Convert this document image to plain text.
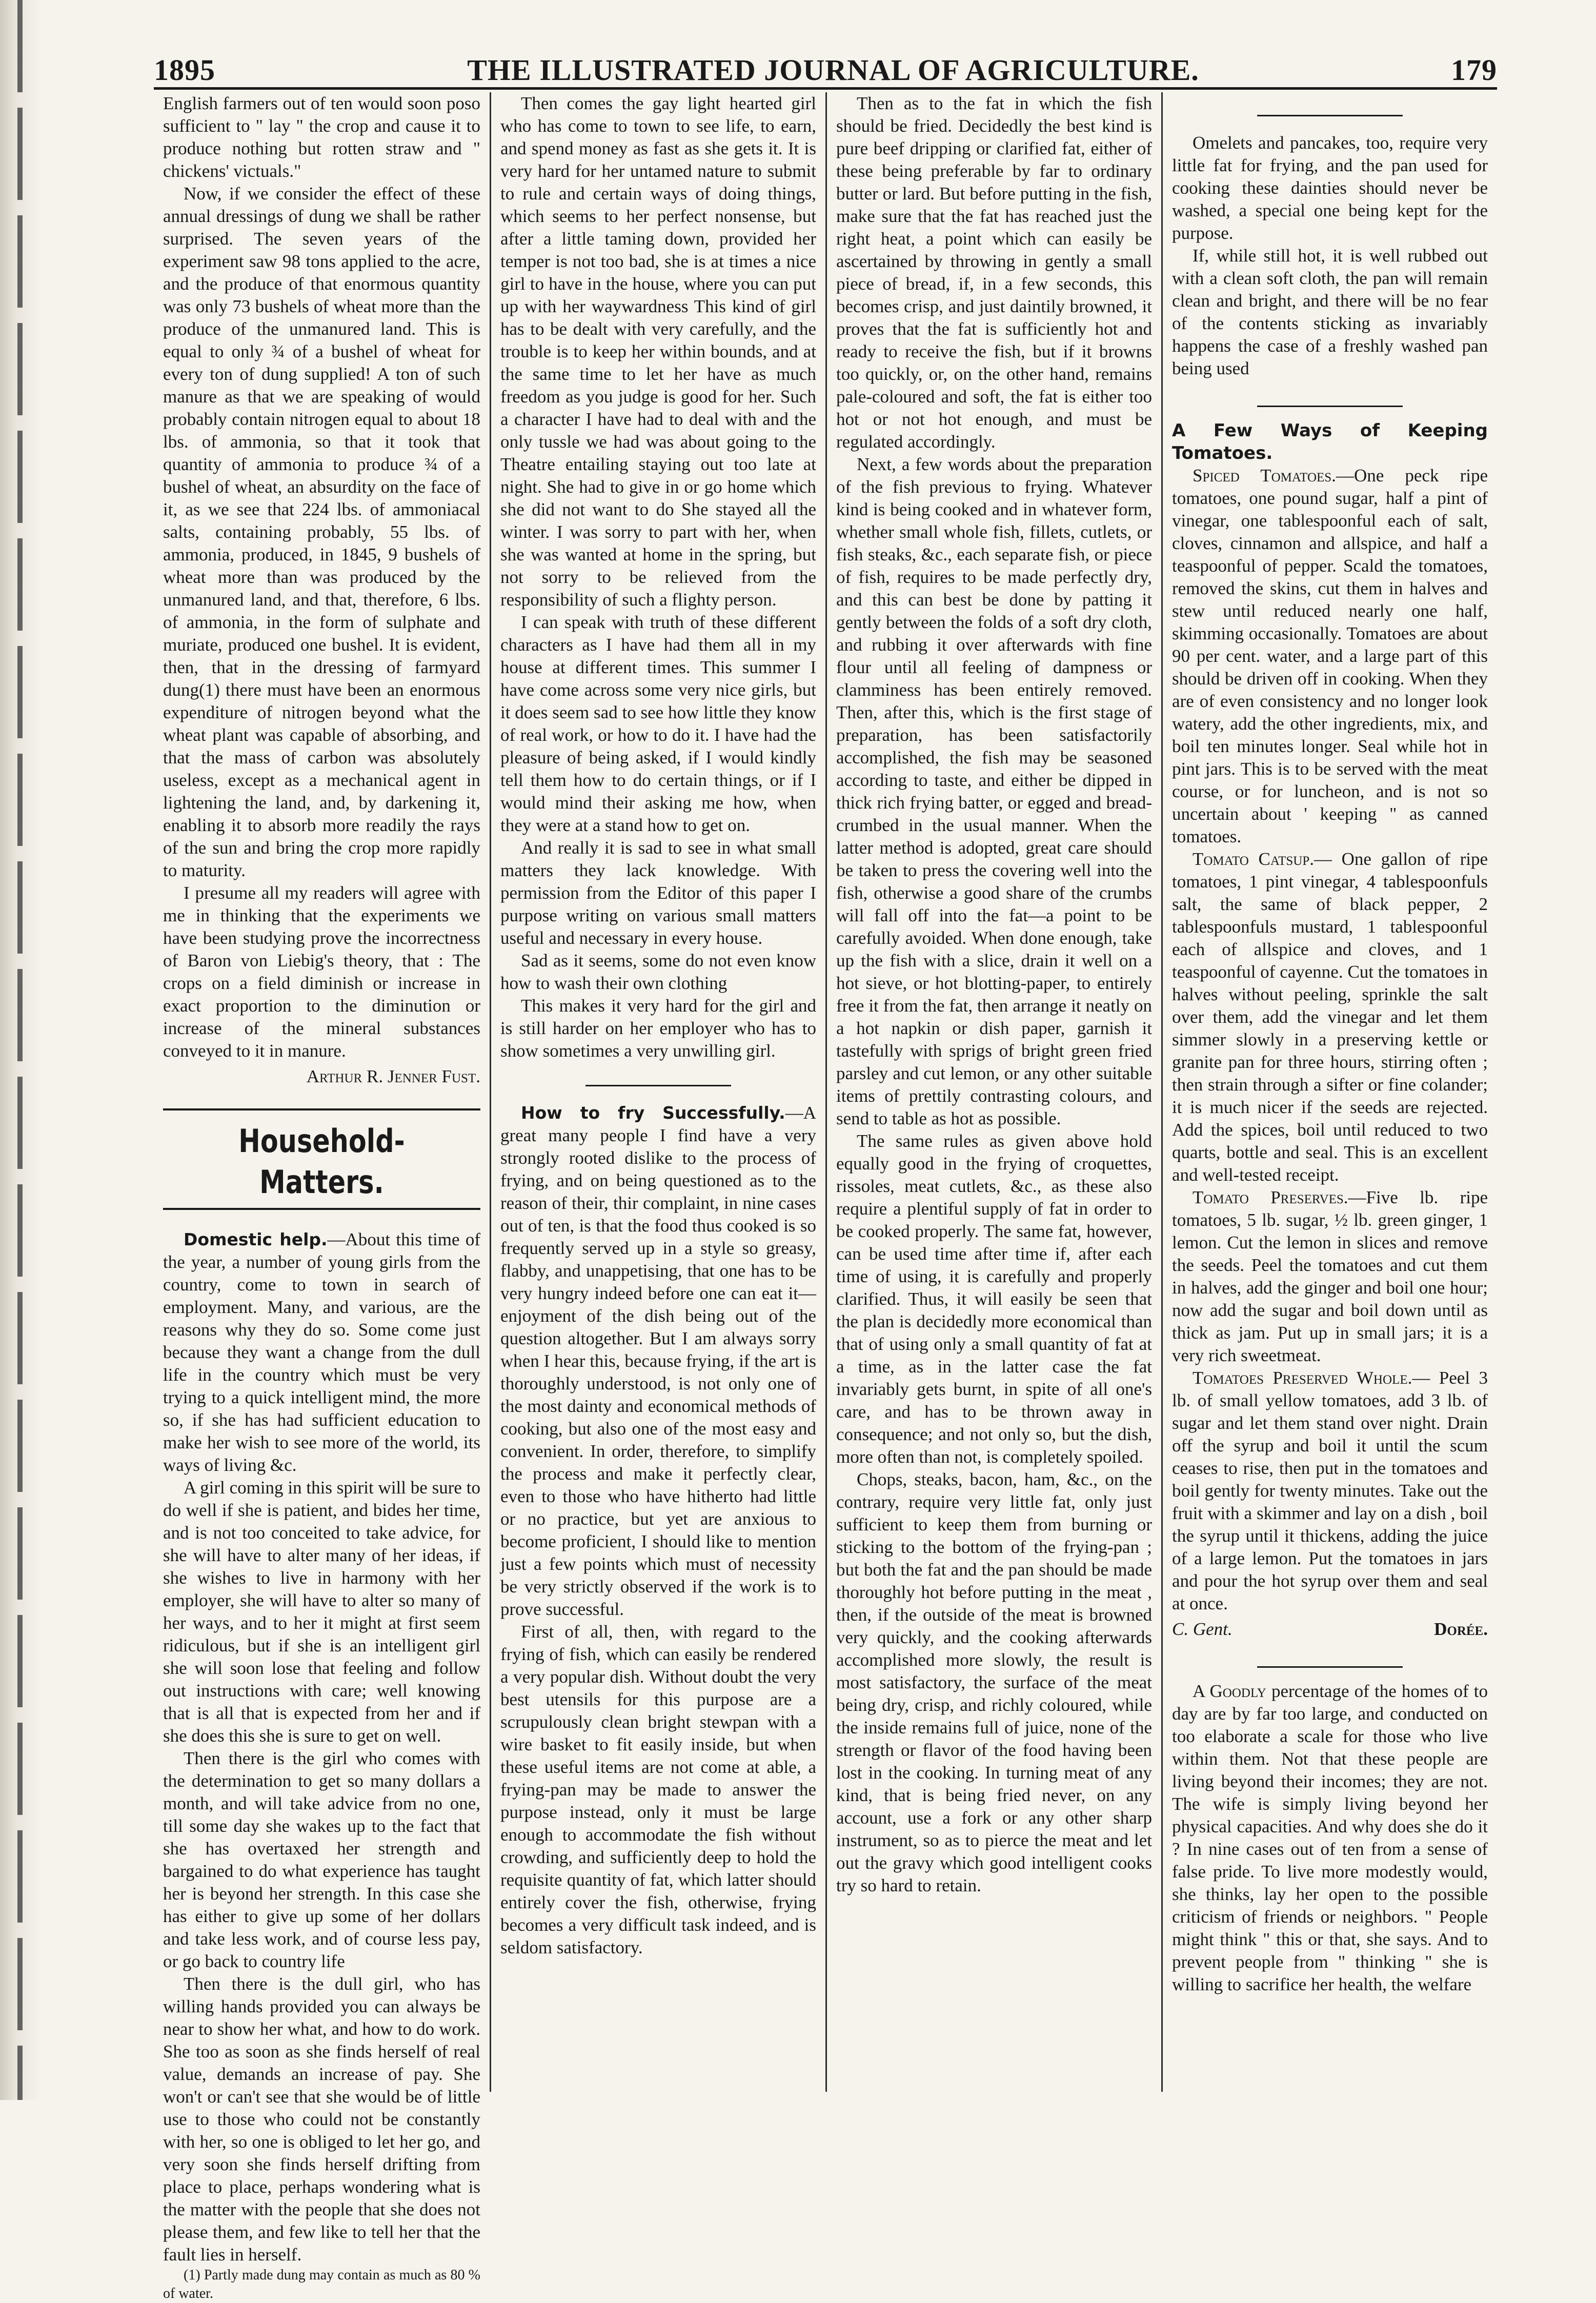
1895	THE ILLUSTRATED JOURNAL OF AGRICULTURE.	179

English farmers out of ten would soon poso sufficient to " lay " the crop and cause it to produce nothing but rotten straw and " chickens' victuals."

Now, if we consider the effect of these annual dressings of dung we shall be rather surprised. The seven years of the experiment saw 98 tons applied to the acre, and the produce of that enormous quantity was only 73 bushels of wheat more than the produce of the unmanured land. This is equal to only ¾ of a bushel of wheat for every ton of dung supplied! A ton of such manure as that we are speaking of would probably contain nitrogen equal to about 18 lbs. of ammonia, so that it took that quantity of ammonia to produce ¾ of a bushel of wheat, an absurdity on the face of it, as we see that 224 lbs. of ammoniacal salts, containing probably, 55 lbs. of ammonia, produced, in 1845, 9 bushels of wheat more than was produced by the unmanured land, and that, therefore, 6 lbs. of ammonia, in the form of sulphate and muriate, produced one bushel. It is evident, then, that in the dressing of farmyard dung(1) there must have been an enormous expenditure of nitrogen beyond what the wheat plant was capable of absorbing, and that the mass of carbon was absolutely useless, except as a mechanical agent in lightening the land, and, by darkening it, enabling it to absorb more readily the rays of the sun and bring the crop more rapidly to maturity.

I presume all my readers will agree with me in thinking that the experiments we have been studying prove the incorrectness of Baron von Liebig's theory, that : The crops on a field diminish or increase in exact proportion to the diminution or increase of the mineral substances conveyed to it in manure.

Arthur R. Jenner Fust.
Household-Matters.

Domestic help.—About this time of the year, a number of young girls from the country, come to town in search of employment. Many, and various, are the reasons why they do so. Some come just because they want a change from the dull life in the country which must be very trying to a quick intelligent mind, the more so, if she has had sufficient education to make her wish to see more of the world, its ways of living &c.

A girl coming in this spirit will be sure to do well if she is patient, and bides her time, and is not too conceited to take advice, for she will have to alter many of her ideas, if she wishes to live in harmony with her employer, she will have to alter so many of her ways, and to her it might at first seem ridiculous, but if she is an intelligent girl she will soon lose that feeling and follow out instructions with care; well knowing that is all that is expected from her and if she does this she is sure to get on well.

Then there is the girl who comes with the determination to get so many dollars a month, and will take advice from no one, till some day she wakes up to the fact that she has overtaxed her strength and bargained to do what experience has taught her is beyond her strength. In this case she has either to give up some of her dollars and take less work, and of course less pay, or go back to country life

Then there is the dull girl, who has willing hands provided you can always be near to show her what, and how to do work. She too as soon as she finds herself of real value, demands an increase of pay. She won't or can't see that she would be of little use to those who could not be constantly with her, so one is obliged to let her go, and very soon she finds herself drifting from place to place, perhaps wondering what is the matter with the people that she does not please them, and few like to tell her that the fault lies in herself.

(1) Partly made dung may contain as much as 80 % of water.

Then comes the gay light hearted girl who has come to town to see life, to earn, and spend money as fast as she gets it. It is very hard for her untamed nature to submit to rule and certain ways of doing things, which seems to her perfect nonsense, but after a little taming down, provided her temper is not too bad, she is at times a nice girl to have in the house, where you can put up with her waywardness This kind of girl has to be dealt with very carefully, and the trouble is to keep her within bounds, and at the same time to let her have as much freedom as you judge is good for her. Such a character I have had to deal with and the only tussle we had was about going to the Theatre entailing staying out too late at night. She had to give in or go home which she did not want to do She stayed all the winter. I was sorry to part with her, when she was wanted at home in the spring, but not sorry to be relieved from the responsibility of such a flighty person.

I can speak with truth of these different characters as I have had them all in my house at different times. This summer I have come across some very nice girls, but it does seem sad to see how little they know of real work, or how to do it. I have had the pleasure of being asked, if I would kindly tell them how to do certain things, or if I would mind their asking me how, when they were at a stand how to get on.

And really it is sad to see in what small matters they lack knowledge. With permission from the Editor of this paper I purpose writing on various small matters useful and necessary in every house.

Sad as it seems, some do not even know how to wash their own clothing

This makes it very hard for the girl and is still harder on her employer who has to show sometimes a very unwilling girl.

How to fry Successfully.—A great many people I find have a very strongly rooted dislike to the process of frying, and on being questioned as to the reason of their, thir complaint, in nine cases out of ten, is that the food thus cooked is so frequently served up in a style so greasy, flabby, and unappetising, that one has to be very hungry indeed before one can eat it—enjoyment of the dish being out of the question altogether. But I am always sorry when I hear this, because frying, if the art is thoroughly understood, is not only one of the most dainty and economical methods of cooking, but also one of the most easy and convenient. In order, therefore, to simplify the process and make it perfectly clear, even to those who have hitherto had little or no practice, but yet are anxious to become proficient, I should like to mention just a few points which must of necessity be very strictly observed if the work is to prove successful.

First of all, then, with regard to the frying of fish, which can easily be rendered a very popular dish. Without doubt the very best utensils for this purpose are a scrupulously clean bright stewpan with a wire basket to fit easily inside, but when these useful items are not come at able, a frying-pan may be made to answer the purpose instead, only it must be large enough to accommodate the fish without crowding, and sufficiently deep to hold the requisite quantity of fat, which latter should entirely cover the fish, otherwise, frying becomes a very difficult task indeed, and is seldom satisfactory.

Then as to the fat in which the fish should be fried. Decidedly the best kind is pure beef dripping or clarified fat, either of these being preferable by far to ordinary butter or lard. But before putting in the fish, make sure that the fat has reached just the right heat, a point which can easily be ascertained by throwing in gently a small piece of bread, if, in a few seconds, this becomes crisp, and just daintily browned, it proves that the fat is sufficiently hot and ready to receive the fish, but if it browns too quickly, or, on the other hand, remains pale-coloured and soft, the fat is either too hot or not hot enough, and must be regulated accordingly.

Next, a few words about the preparation of the fish previous to frying. Whatever kind is being cooked and in whatever form, whether small whole fish, fillets, cutlets, or fish steaks, &c., each separate fish, or piece of fish, requires to be made perfectly dry, and this can best be done by patting it gently between the folds of a soft dry cloth, and rubbing it over afterwards with fine flour until all feeling of dampness or clamminess has been entirely removed. Then, after this, which is the first stage of preparation, has been satisfactorily accomplished, the fish may be seasoned according to taste, and either be dipped in thick rich frying batter, or egged and bread-crumbed in the usual manner. When the latter method is adopted, great care should be taken to press the covering well into the fish, otherwise a good share of the crumbs will fall off into the fat—a point to be carefully avoided. When done enough, take up the fish with a slice, drain it well on a hot sieve, or hot blotting-paper, to entirely free it from the fat, then arrange it neatly on a hot napkin or dish paper, garnish it tastefully with sprigs of bright green fried parsley and cut lemon, or any other suitable items of prettily contrasting colours, and send to table as hot as possible.

The same rules as given above hold equally good in the frying of croquettes, rissoles, meat cutlets, &c., as these also require a plentiful supply of fat in order to be cooked properly. The same fat, however, can be used time after time if, after each time of using, it is carefully and properly clarified. Thus, it will easily be seen that the plan is decidedly more economical than that of using only a small quantity of fat at a time, as in the latter case the fat invariably gets burnt, in spite of all one's care, and has to be thrown away in consequence; and not only so, but the dish, more often than not, is completely spoiled.

Chops, steaks, bacon, ham, &c., on the contrary, require very little fat, only just sufficient to keep them from burning or sticking to the bottom of the frying-pan ; but both the fat and the pan should be made thoroughly hot before putting in the meat , then, if the outside of the meat is browned very quickly, and the cooking afterwards accomplished more slowly, the result is most satisfactory, the surface of the meat being dry, crisp, and richly coloured, while the inside remains full of juice, none of the strength or flavor of the food having been lost in the cooking. In turning meat of any kind, that is being fried never, on any account, use a fork or any other sharp instrument, so as to pierce the meat and let out the gravy which good intelligent cooks try so hard to retain.

Omelets and pancakes, too, require very little fat for frying, and the pan used for cooking these dainties should never be washed, a special one being kept for the purpose.

If, while still hot, it is well rubbed out with a clean soft cloth, the pan will remain clean and bright, and there will be no fear of the contents sticking as invariably happens the case of a freshly washed pan being used

A Few Ways of Keeping Tomatoes.

Spiced Tomatoes.—One peck ripe tomatoes, one pound sugar, half a pint of vinegar, one tablespoonful each of salt, cloves, cinnamon and allspice, and half a teaspoonful of pepper. Scald the tomatoes, removed the skins, cut them in halves and stew until reduced nearly one half, skimming occasionally. Tomatoes are about 90 per cent. water, and a large part of this should be driven off in cooking. When they are of even consistency and no longer look watery, add the other ingredients, mix, and boil ten minutes longer. Seal while hot in pint jars. This is to be served with the meat course, or for luncheon, and is not so uncertain about ' keeping " as canned tomatoes.

Tomato Catsup.— One gallon of ripe tomatoes, 1 pint vinegar, 4 tablespoonfuls salt, the same of black pepper, 2 tablespoonfuls mustard, 1 tablespoonful each of allspice and cloves, and 1 teaspoonful of cayenne. Cut the tomatoes in halves without peeling, sprinkle the salt over them, add the vinegar and let them simmer slowly in a preserving kettle or granite pan for three hours, stirring often ; then strain through a sifter or fine colander; it is much nicer if the seeds are rejected. Add the spices, boil until reduced to two quarts, bottle and seal. This is an excellent and well-tested receipt.

Tomato Preserves.—Five lb. ripe tomatoes, 5 lb. sugar, ½ lb. green ginger, 1 lemon. Cut the lemon in slices and remove the seeds. Peel the tomatoes and cut them in halves, add the ginger and boil one hour; now add the sugar and boil down until as thick as jam. Put up in small jars; it is a very rich sweetmeat.

Tomatoes Preserved Whole.— Peel 3 lb. of small yellow tomatoes, add 3 lb. of sugar and let them stand over night. Drain off the syrup and boil it until the scum ceases to rise, then put in the tomatoes and boil gently for twenty minutes. Take out the fruit with a skimmer and lay on a dish , boil the syrup until it thickens, adding the juice of a large lemon. Put the tomatoes in jars and pour the hot syrup over them and seal at once.

C. Gent.	Dorée.

A Goodly percentage of the homes of to day are by far too large, and conducted on too elaborate a scale for those who live within them. Not that these people are living beyond their incomes; they are not. The wife is simply living beyond her physical capacities. And why does she do it ? In nine cases out of ten from a sense of false pride. To live more modestly would, she thinks, lay her open to the possible criticism of friends or neighbors. " People might think " this or that, she says. And to prevent people from " thinking " she is willing to sacrifice her health, the welfare
